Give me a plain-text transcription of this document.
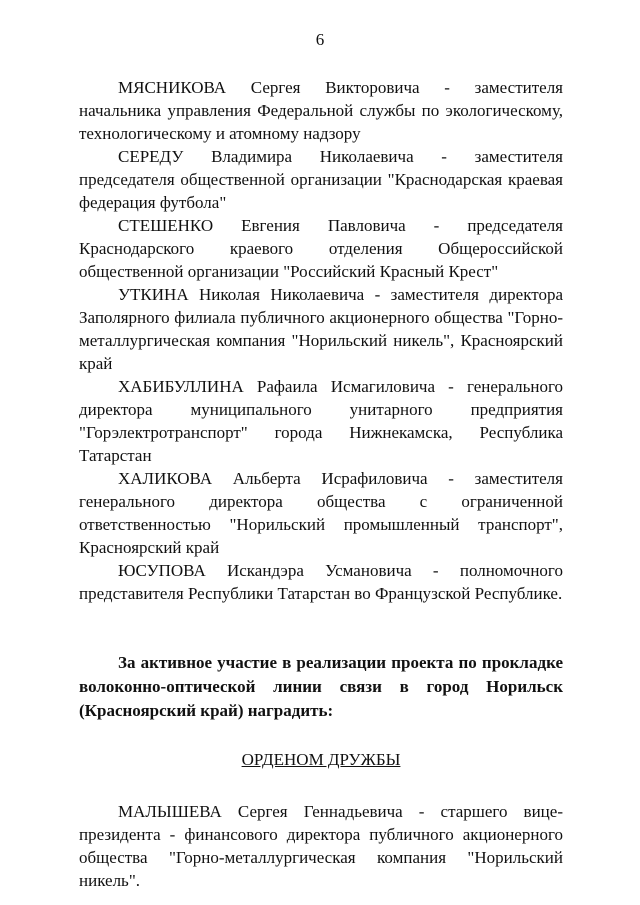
6
МЯСНИКОВА Сергея Викторовича - заместителя начальника управления Федеральной службы по экологическому, технологическому и атомному надзору
СЕРЕДУ Владимира Николаевича - заместителя председателя общественной организации "Краснодарская краевая федерация футбола"
СТЕШЕНКО Евгения Павловича - председателя Краснодарского краевого отделения Общероссийской общественной организации "Российский Красный Крест"
УТКИНА Николая Николаевича - заместителя директора Заполярного филиала публичного акционерного общества "Горно-металлургическая компания "Норильский никель", Красноярский край
ХАБИБУЛЛИНА Рафаила Исмагиловича - генерального директора муниципального унитарного предприятия "Горэлектротранспорт" города Нижнекамска, Республика Татарстан
ХАЛИКОВА Альберта Исрафиловича - заместителя генерального директора общества с ограниченной ответственностью "Норильский промышленный транспорт", Красноярский край
ЮСУПОВА Искандэра Усмановича - полномочного представителя Республики Татарстан во Французской Республике.
За активное участие в реализации проекта по прокладке волоконно-оптической линии связи в город Норильск (Красноярский край) наградить:
ОРДЕНОМ ДРУЖБЫ
МАЛЫШЕВА Сергея Геннадьевича - старшего вице-президента - финансового директора публичного акционерного общества "Горно-металлургическая компания "Норильский никель".
